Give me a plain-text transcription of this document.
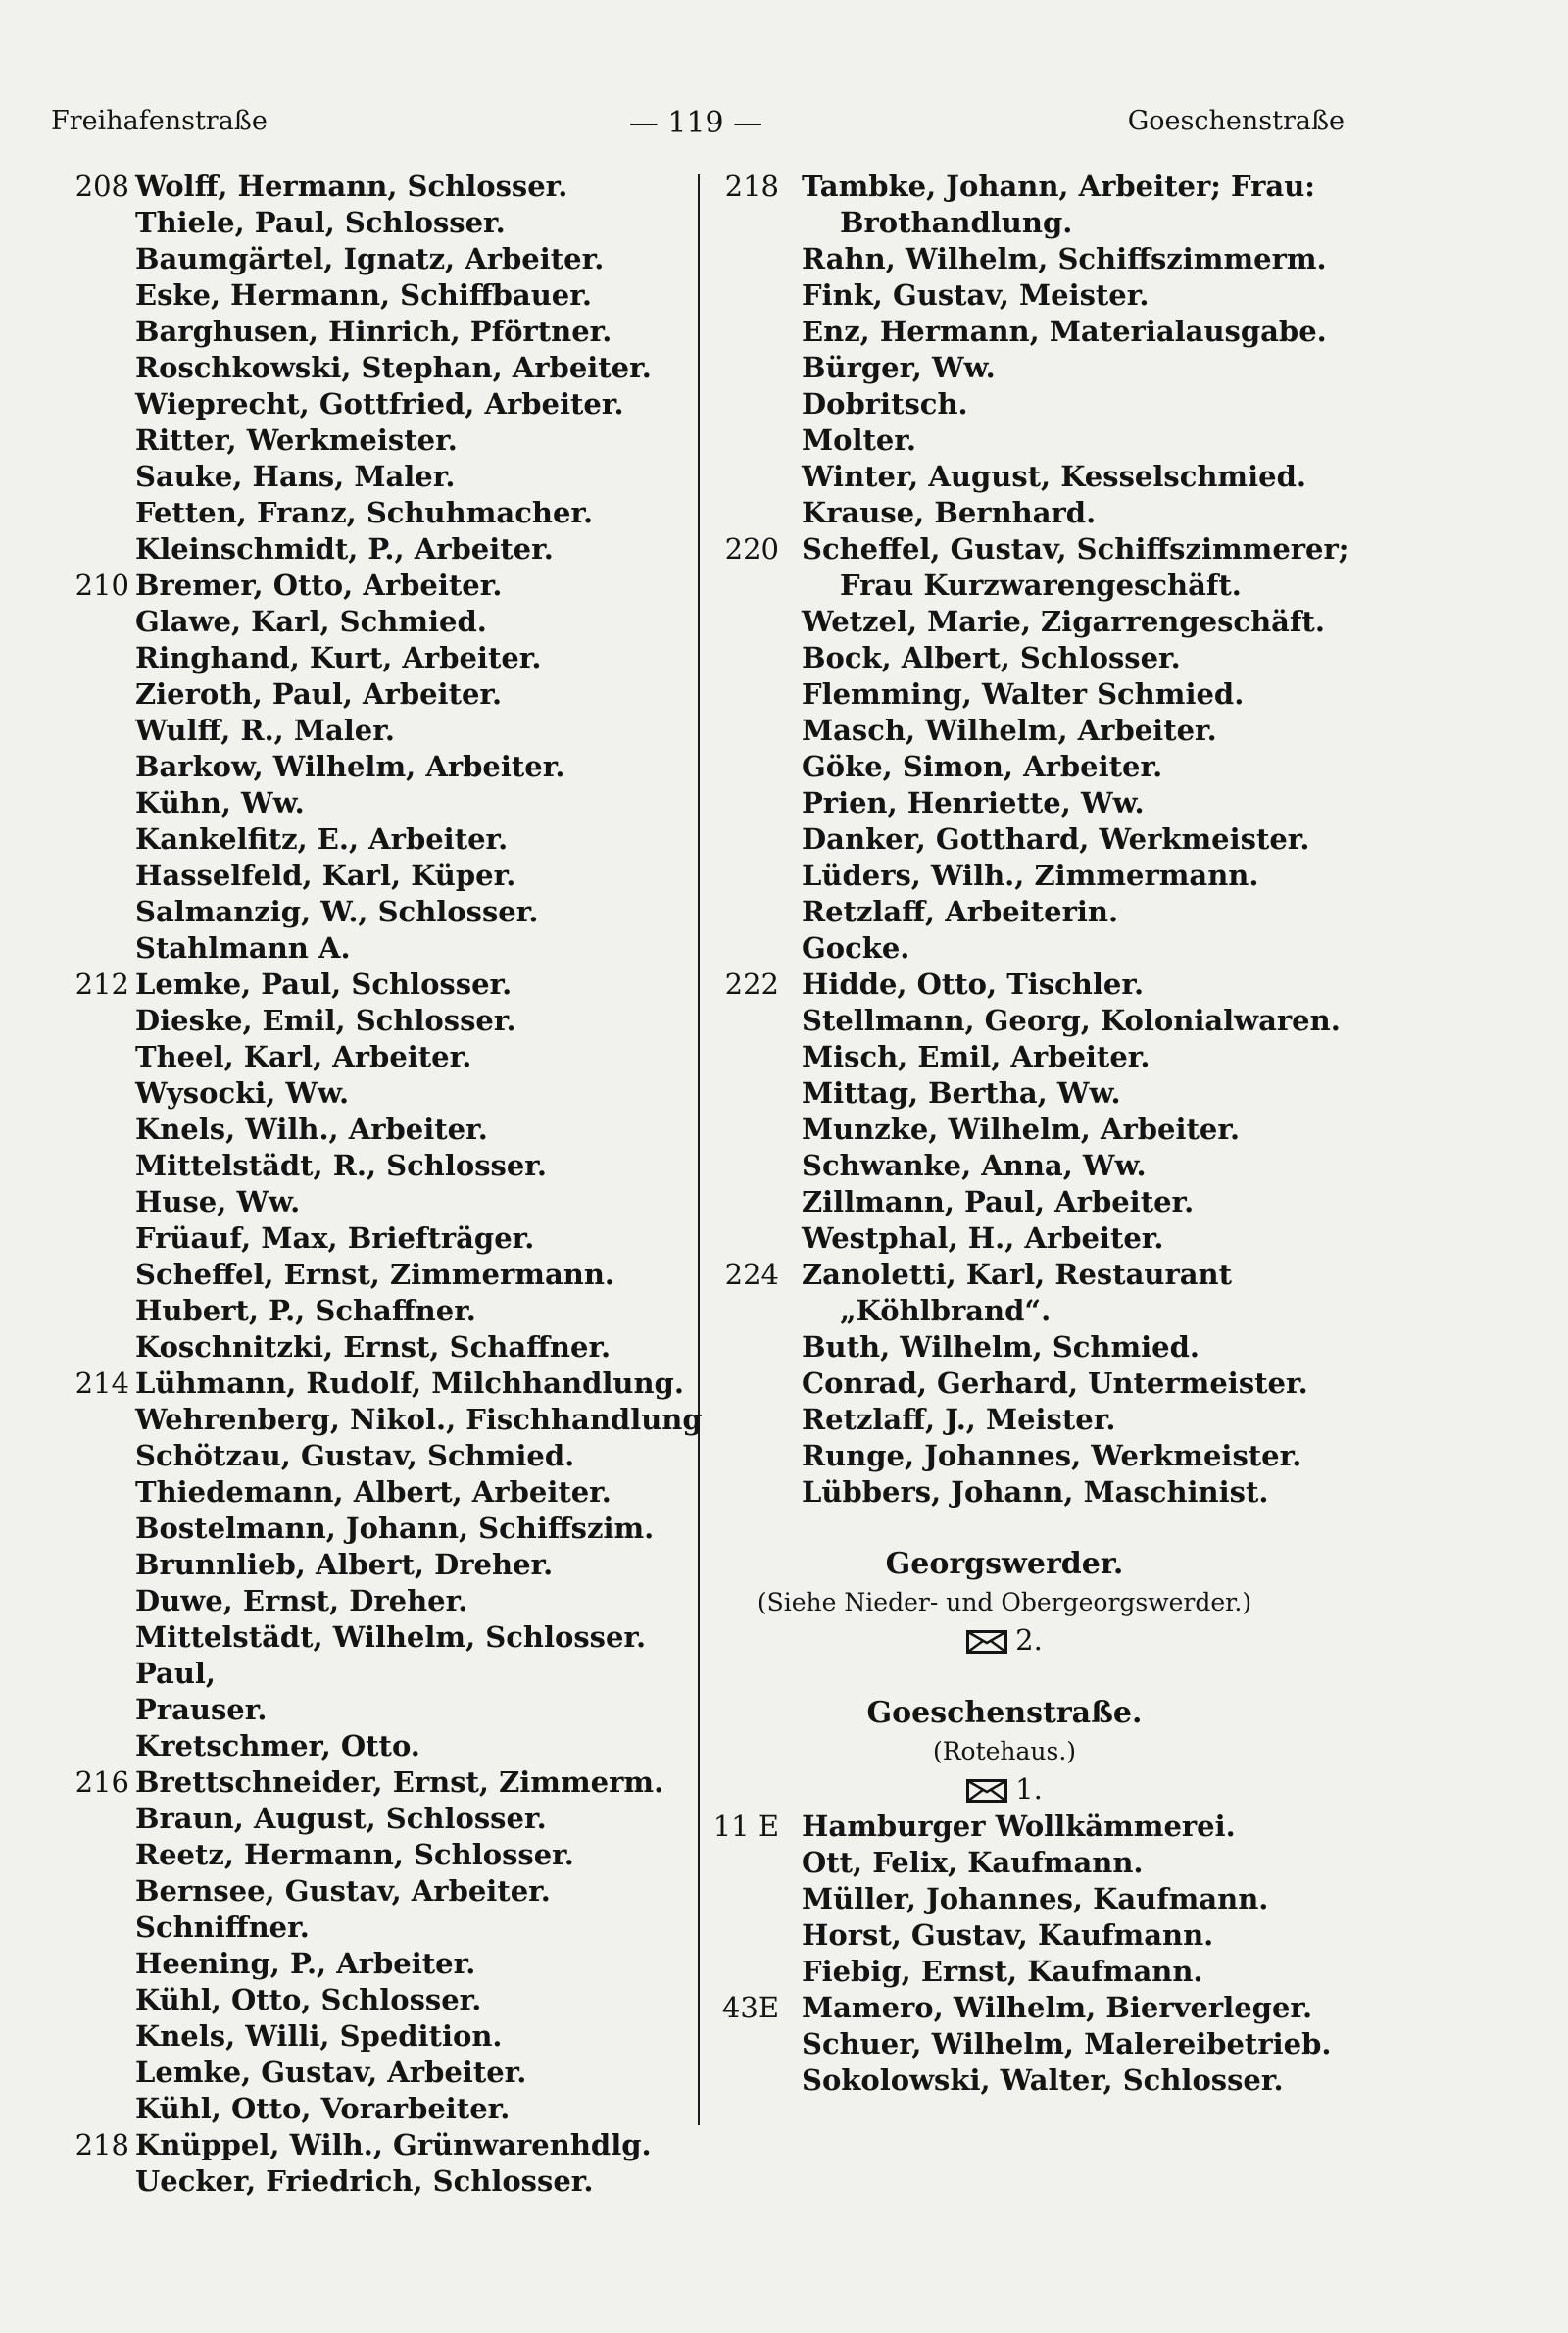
Freihafenstraße	— 119 —	Goeschenstraße
208 Wolff, Hermann, Schlosser.
Thiele, Paul, Schlosser.
Baumgärtel, Ignatz, Arbeiter.
Eske, Hermann, Schiffbauer.
Barghusen, Hinrich, Pförtner.
Roschkowski, Stephan, Arbeiter.
Wieprecht, Gottfried, Arbeiter.
Ritter, Werkmeister.
Sauke, Hans, Maler.
Fetten, Franz, Schuhmacher.
Kleinschmidt, P., Arbeiter.
210 Bremer, Otto, Arbeiter.
Glawe, Karl, Schmied.
Ringhand, Kurt, Arbeiter.
Zieroth, Paul, Arbeiter.
Wulff, R., Maler.
Barkow, Wilhelm, Arbeiter.
Kühn, Ww.
Kankelfitz, E., Arbeiter.
Hasselfeld, Karl, Küper.
Salmanzig, W., Schlosser.
Stahlmann A.
212 Lemke, Paul, Schlosser.
Dieske, Emil, Schlosser.
Theel, Karl, Arbeiter.
Wysocki, Ww.
Knels, Wilh., Arbeiter.
Mittelstädt, R., Schlosser.
Huse, Ww.
Früauf, Max, Briefträger.
Scheffel, Ernst, Zimmermann.
Hubert, P., Schaffner.
Koschnitzki, Ernst, Schaffner.
214 Lühmann, Rudolf, Milchhandlung.
Wehrenberg, Nikol., Fischhandlung
Schötzau, Gustav, Schmied.
Thiedemann, Albert, Arbeiter.
Bostelmann, Johann, Schiffszim.
Brunnlieb, Albert, Dreher.
Duwe, Ernst, Dreher.
Mittelstädt, Wilhelm, Schlosser.
Paul,
Prauser.
Kretschmer, Otto.
216 Brettschneider, Ernst, Zimmerm.
Braun, August, Schlosser.
Reetz, Hermann, Schlosser.
Bernsee, Gustav, Arbeiter.
Schniffner.
Heening, P., Arbeiter.
Kühl, Otto, Schlosser.
Knels, Willi, Spedition.
Lemke, Gustav, Arbeiter.
Kühl, Otto, Vorarbeiter.
218 Knüppel, Wilh., Grünwarenhdlg.
Uecker, Friedrich, Schlosser.
218 Tambke, Johann, Arbeiter; Frau:
Brothandlung.
Rahn, Wilhelm, Schiffszimmerm.
Fink, Gustav, Meister.
Enz, Hermann, Materialausgabe.
Bürger, Ww.
Dobritsch.
Molter.
Winter, August, Kesselschmied.
Krause, Bernhard.
220 Scheffel, Gustav, Schiffszimmerer;
Frau Kurzwarengeschäft.
Wetzel, Marie, Zigarrengeschäft.
Bock, Albert, Schlosser.
Flemming, Walter Schmied.
Masch, Wilhelm, Arbeiter.
Göke, Simon, Arbeiter.
Prien, Henriette, Ww.
Danker, Gotthard, Werkmeister.
Lüders, Wilh., Zimmermann.
Retzlaff, Arbeiterin.
Gocke.
222 Hidde, Otto, Tischler.
Stellmann, Georg, Kolonialwaren.
Misch, Emil, Arbeiter.
Mittag, Bertha, Ww.
Munzke, Wilhelm, Arbeiter.
Schwanke, Anna, Ww.
Zillmann, Paul, Arbeiter.
Westphal, H., Arbeiter.
224 Zanoletti, Karl, Restaurant
„Köhlbrand“.
Buth, Wilhelm, Schmied.
Conrad, Gerhard, Untermeister.
Retzlaff, J., Meister.
Runge, Johannes, Werkmeister.
Lübbers, Johann, Maschinist.
Georgswerder.
(Siehe Nieder- und Obergeorgswerder.)
2.
Goeschenstraße.
(Rotehaus.)
1.
11 E Hamburger Wollkämmerei.
Ott, Felix, Kaufmann.
Müller, Johannes, Kaufmann.
Horst, Gustav, Kaufmann.
Fiebig, Ernst, Kaufmann.
43E Mamero, Wilhelm, Bierverleger.
Schuer, Wilhelm, Malereibetrieb.
Sokolowski, Walter, Schlosser.
